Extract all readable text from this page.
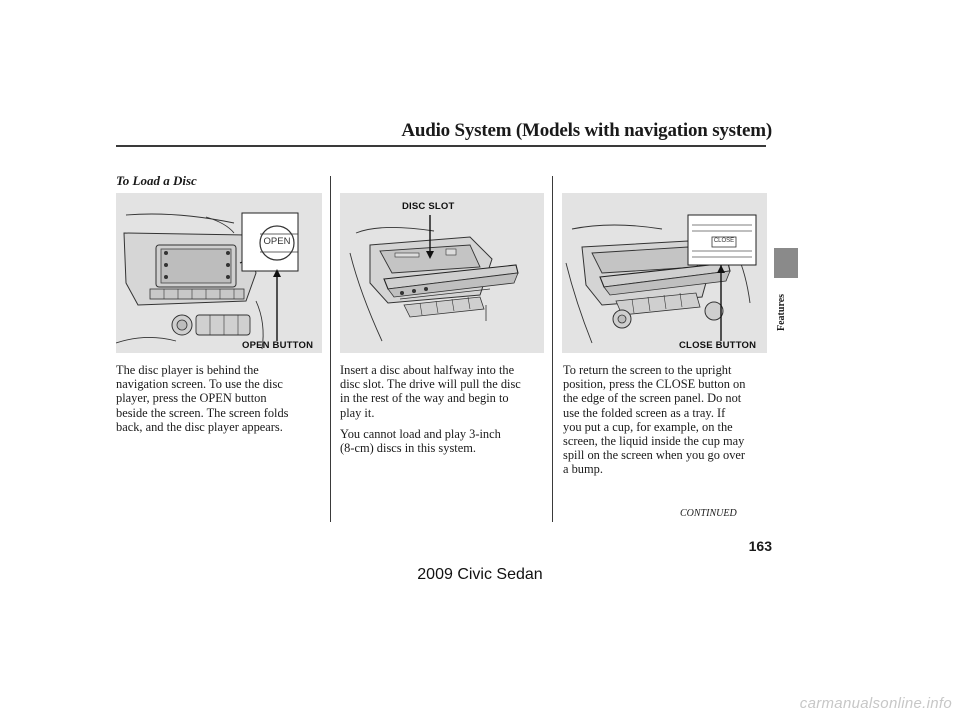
Audio System (Models with navigation system)
To Load a Disc
OPEN
OPEN BUTTON
DISC SLOT
CLOSE
CLOSE BUTTON
The disc player is behind the
navigation screen. To use the disc
player, press the OPEN button
beside the screen. The screen folds
back, and the disc player appears.
Insert a disc about halfway into the
disc slot. The drive will pull the disc
in the rest of the way and begin to
play it.
You cannot load and play 3-inch
(8-cm) discs in this system.
To return the screen to the upright
position, press the CLOSE button on
the edge of the screen panel. Do not
use the folded screen as a tray. If
you put a cup, for example, on the
screen, the liquid inside the cup may
spill on the screen when you go over
a bump.
Features
CONTINUED
163
2009 Civic Sedan
carmanualsonline.info
